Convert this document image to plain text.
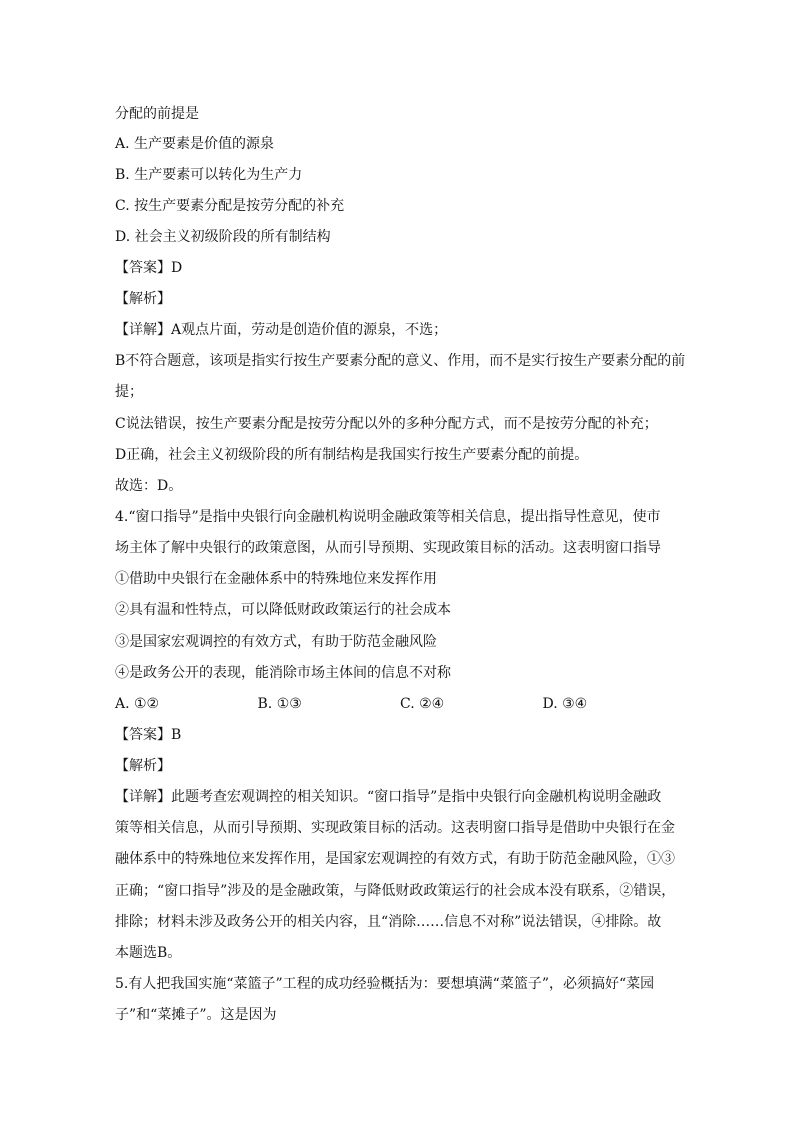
分配的前提是
A. 生产要素是价值的源泉
B. 生产要素可以转化为生产力
C. 按生产要素分配是按劳分配的补充
D. 社会主义初级阶段的所有制结构
【答案】D
【解析】
【详解】A观点片面，劳动是创造价值的源泉，不选；
B不符合题意，该项是指实行按生产要素分配的意义、作用，而不是实行按生产要素分配的前
提；
C说法错误，按生产要素分配是按劳分配以外的多种分配方式，而不是按劳分配的补充；
D正确，社会主义初级阶段的所有制结构是我国实行按生产要素分配的前提。
故选：D。
4.“窗口指导”是指中央银行向金融机构说明金融政策等相关信息，提出指导性意见，使市
场主体了解中央银行的政策意图，从而引导预期、实现政策目标的活动。这表明窗口指导
①借助中央银行在金融体系中的特殊地位来发挥作用
②具有温和性特点，可以降低财政政策运行的社会成本
③是国家宏观调控的有效方式，有助于防范金融风险
④是政务公开的表现，能消除市场主体间的信息不对称
A. ①②	B. ①③	C. ②④	D. ③④
【答案】B
【解析】
【详解】此题考查宏观调控的相关知识。“窗口指导”是指中央银行向金融机构说明金融政
策等相关信息，从而引导预期、实现政策目标的活动。这表明窗口指导是借助中央银行在金
融体系中的特殊地位来发挥作用，是国家宏观调控的有效方式，有助于防范金融风险，①③
正确；“窗口指导”涉及的是金融政策，与降低财政政策运行的社会成本没有联系，②错误，
排除；材料未涉及政务公开的相关内容，且“消除……信息不对称”说法错误，④排除。故
本题选B。
5.有人把我国实施“菜篮子”工程的成功经验概括为：要想填满“菜篮子”，必须搞好“菜园
子”和“菜摊子”。这是因为
